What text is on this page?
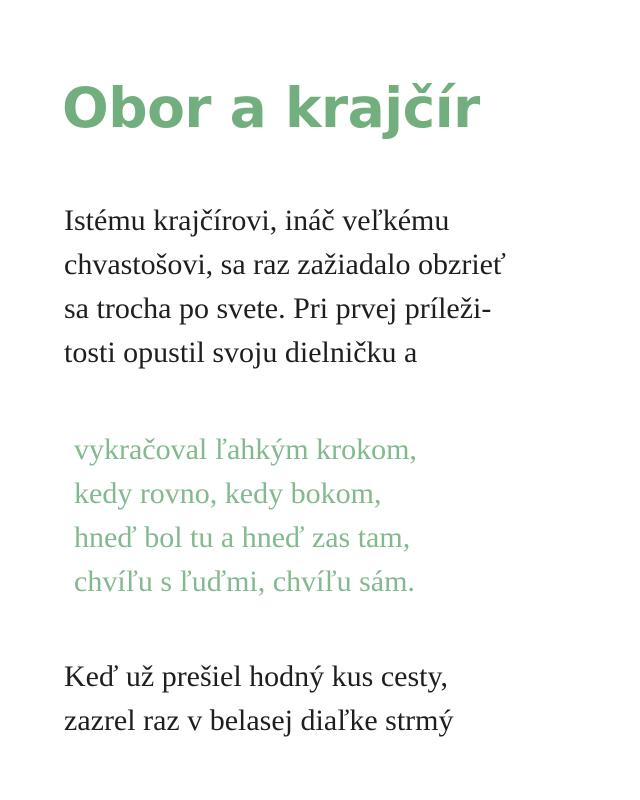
Obor a krajčír

Istému krajčírovi, ináč veľkému
chvastošovi, sa raz zažiadalo obzrieť
sa trocha po svete. Pri prvej príleži-
tosti opustil svoju dielničku a

vykračoval ľahkým krokom,
kedy rovno, kedy bokom,
hneď bol tu a hneď zas tam,
chvíľu s ľuďmi, chvíľu sám.

Keď už prešiel hodný kus cesty,
zazrel raz v belasej diaľke strmý
